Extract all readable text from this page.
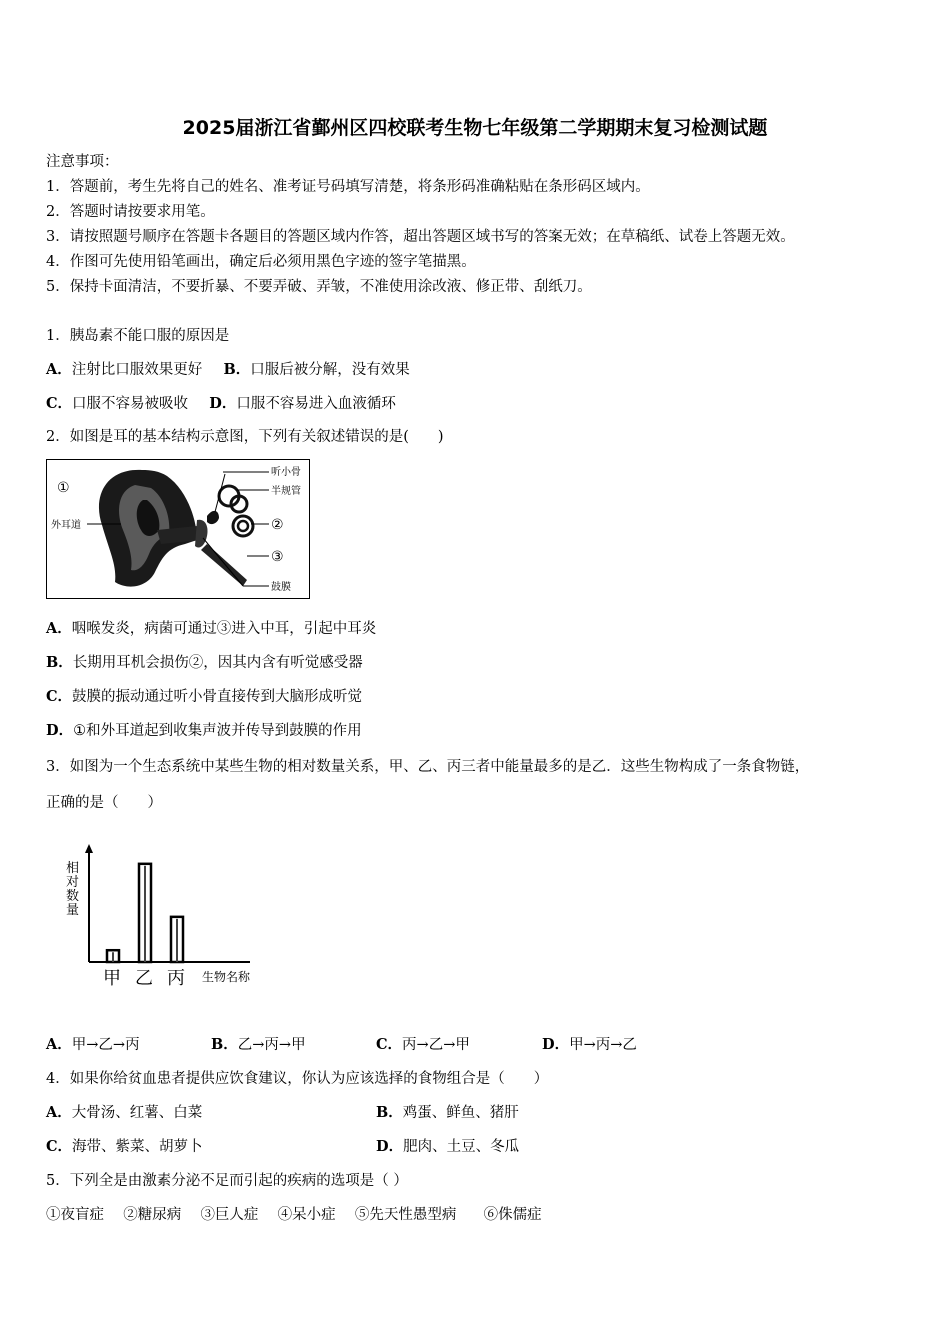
2025届浙江省鄞州区四校联考生物七年级第二学期期末复习检测试题
注意事项：
1．答题前，考生先将自己的姓名、准考证号码填写清楚，将条形码准确粘贴在条形码区域内。
2．答题时请按要求用笔。
3．请按照题号顺序在答题卡各题目的答题区域内作答，超出答题区域书写的答案无效；在草稿纸、试卷上答题无效。
4．作图可先使用铅笔画出，确定后必须用黑色字迹的签字笔描黑。
5．保持卡面清洁，不要折暴、不要弄破、弄皱，不准使用涂改液、修正带、刮纸刀。
1．胰岛素不能口服的原因是
A．注射比口服效果更好 B．口服后被分解，没有效果
C．口服不容易被吸收 D．口服不容易进入血液循环
2．如图是耳的基本结构示意图，下列有关叙述错误的是(　　)
①
外耳道
听小骨
半规管
②
③
鼓膜
A．咽喉发炎，病菌可通过③进入中耳，引起中耳炎
B．长期用耳机会损伤②，因其内含有听觉感受器
C．鼓膜的振动通过听小骨直接传到大脑形成听觉
D．①和外耳道起到收集声波并传导到鼓膜的作用
3．如图为一个生态系统中某些生物的相对数量关系，甲、乙、丙三者中能量最多的是乙．这些生物构成了一条食物链，
正确的是（　　）
相
对
数
量
甲 乙 丙 生物名称
A．甲→乙→丙	B．乙→丙→甲	C．丙→乙→甲	D．甲→丙→乙
4．如果你给贫血患者提供应饮食建议，你认为应该选择的食物组合是（　　）
A．大骨汤、红薯、白菜	B．鸡蛋、鲜鱼、猪肝
C．海带、紫菜、胡萝卜	D．肥肉、土豆、冬瓜
5．下列全是由激素分泌不足而引起的疾病的选项是（ ）
①夜盲症 ②糖尿病 ③巨人症 ④呆小症 ⑤先天性愚型病 ⑥侏儒症
